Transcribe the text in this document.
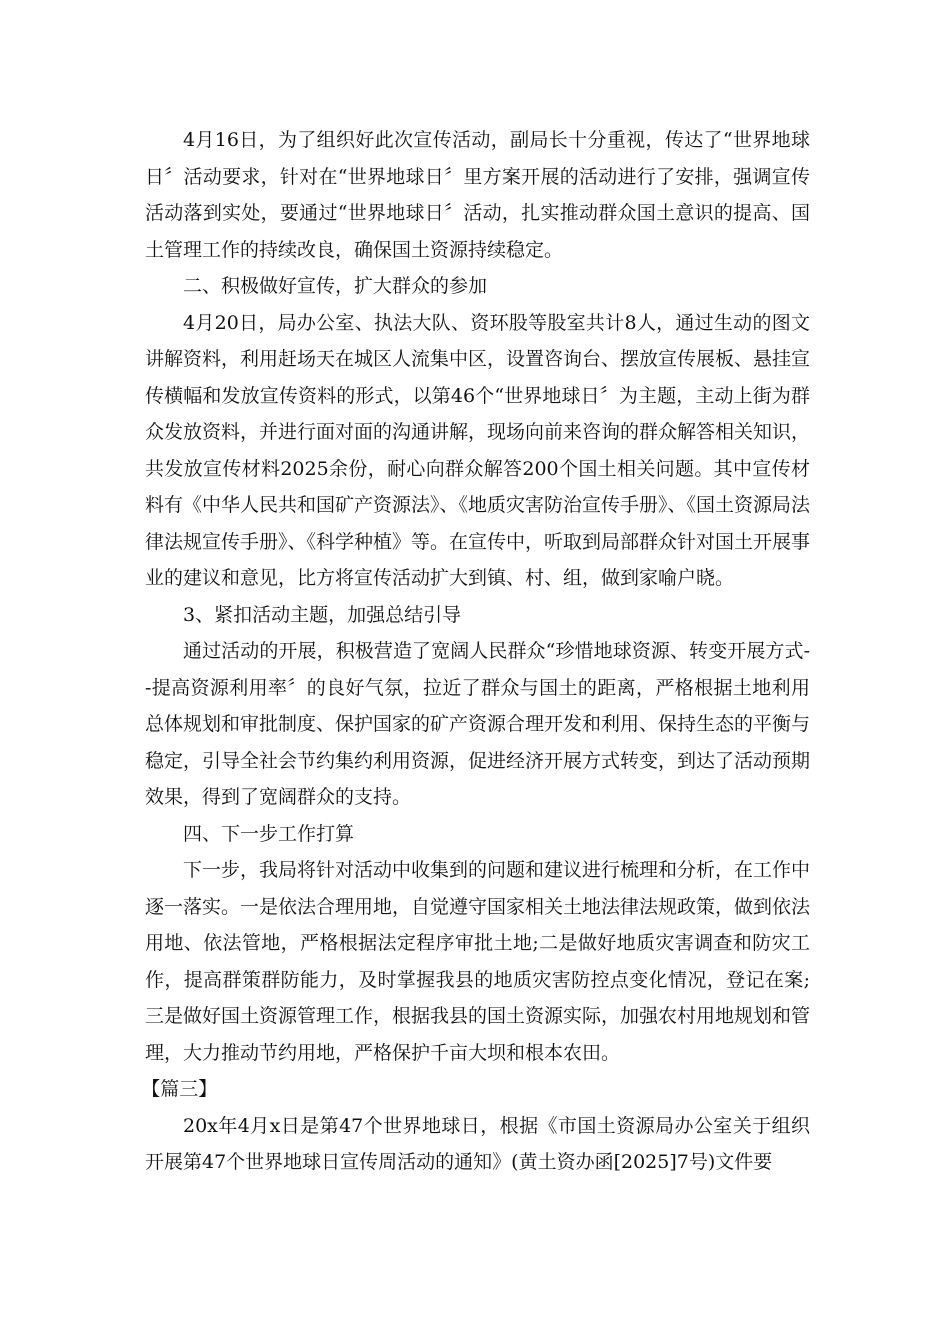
4月16日，为了组织好此次宣传活动，副局长十分重视，传达了“世界地球日〞活动要求，针对在“世界地球日〞里方案开展的活动进行了安排，强调宣传活动落到实处，要通过“世界地球日〞活动，扎实推动群众国土意识的提高、国土管理工作的持续改良，确保国土资源持续稳定。

二、积极做好宣传，扩大群众的参加

4月20日，局办公室、执法大队、资环股等股室共计8人，通过生动的图文讲解资料，利用赶场天在城区人流集中区，设置咨询台、摆放宣传展板、悬挂宣传横幅和发放宣传资料的形式，以第46个“世界地球日〞为主题，主动上街为群众发放资料，并进行面对面的沟通讲解，现场向前来咨询的群众解答相关知识，共发放宣传材料2025余份，耐心向群众解答200个国土相关问题。其中宣传材料有《中华人民共和国矿产资源法》、《地质灾害防治宣传手册》、《国土资源局法律法规宣传手册》、《科学种植》等。在宣传中，听取到局部群众针对国土开展事业的建议和意见，比方将宣传活动扩大到镇、村、组，做到家喻户晓。

3、紧扣活动主题，加强总结引导

通过活动的开展，积极营造了宽阔人民群众“珍惜地球资源、转变开展方式--提高资源利用率〞的良好气氛，拉近了群众与国土的距离，严格根据土地利用总体规划和审批制度、保护国家的矿产资源合理开发和利用、保持生态的平衡与稳定，引导全社会节约集约利用资源，促进经济开展方式转变，到达了活动预期效果，得到了宽阔群众的支持。

四、下一步工作打算

下一步，我局将针对活动中收集到的问题和建议进行梳理和分析，在工作中逐一落实。一是依法合理用地，自觉遵守国家相关土地法律法规政策，做到依法用地、依法管地，严格根据法定程序审批土地;二是做好地质灾害调查和防灾工作，提高群策群防能力，及时掌握我县的地质灾害防控点变化情况，登记在案;三是做好国土资源管理工作，根据我县的国土资源实际，加强农村用地规划和管理，大力推动节约用地，严格保护千亩大坝和根本农田。

【篇三】

20x年4月x日是第47个世界地球日，根据《市国土资源局办公室关于组织开展第47个世界地球日宣传周活动的通知》(黄土资办函[2025]7号)文件要
